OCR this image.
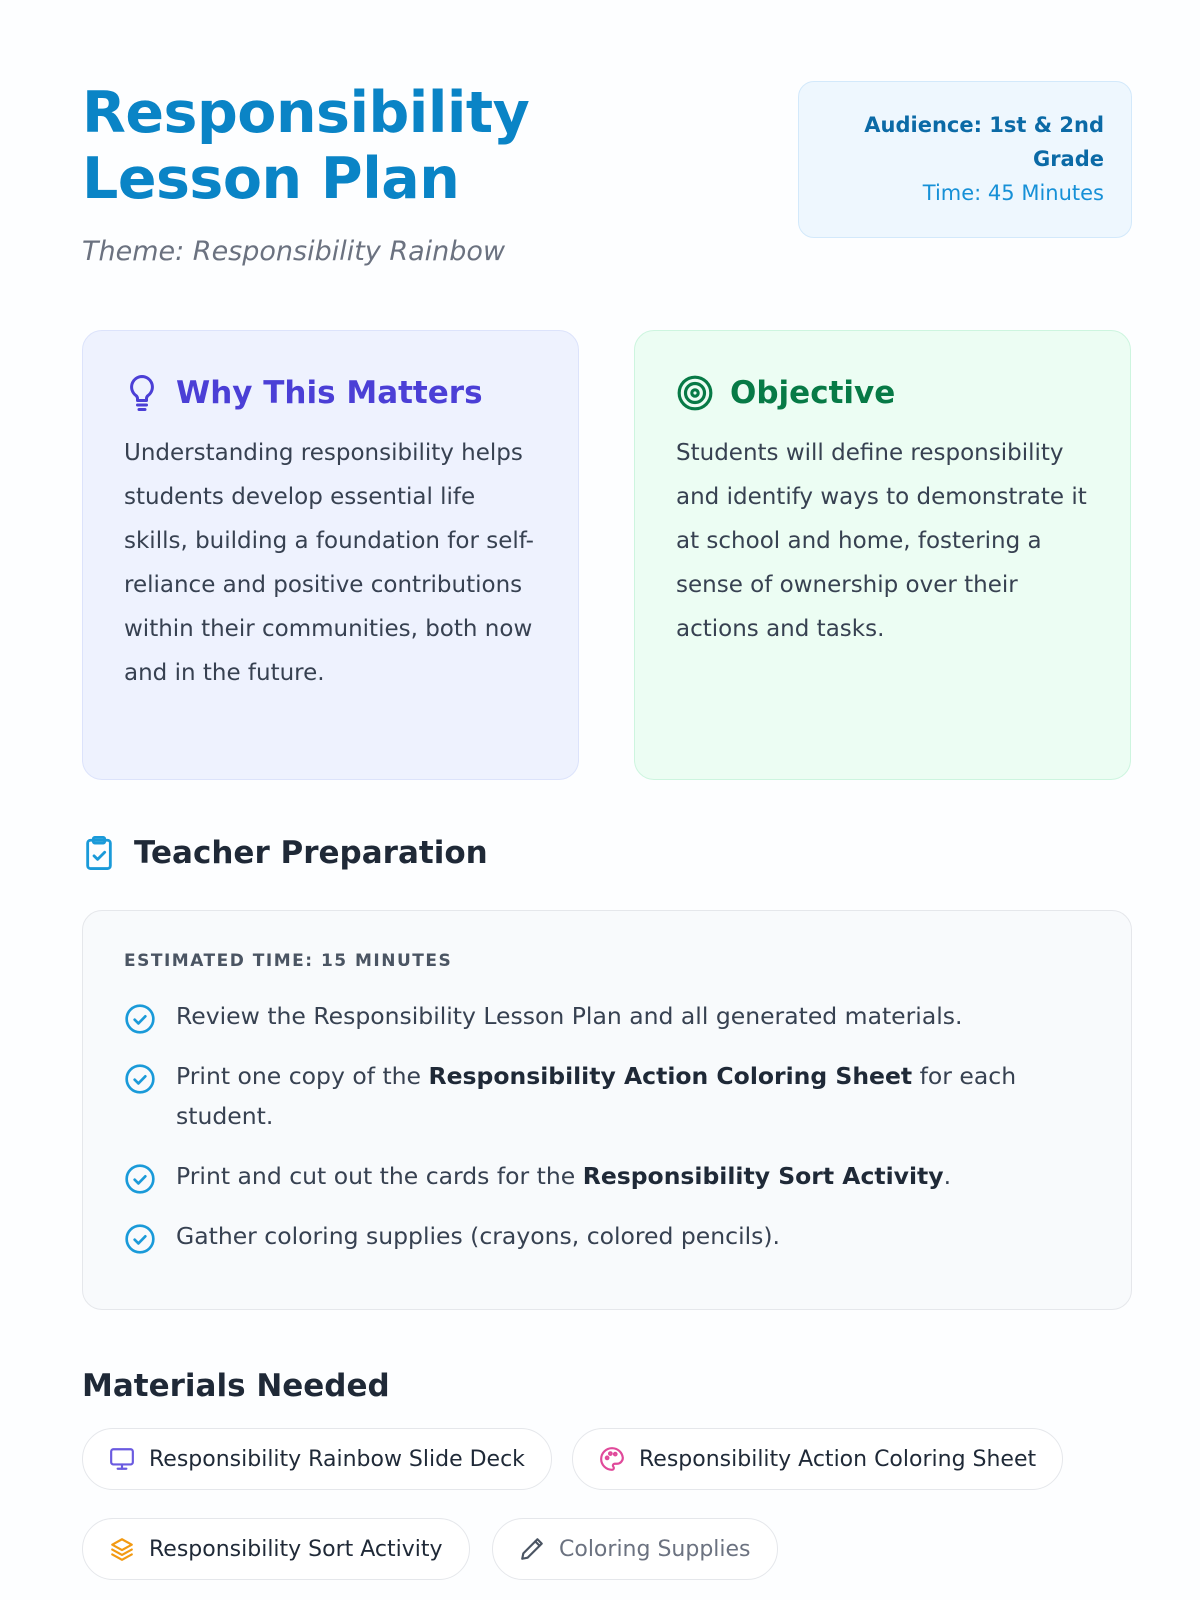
Responsibility Lesson Plan
Theme: Responsibility Rainbow
Audience: 1st & 2nd Grade
Time: 45 Minutes
Why This Matters

Understanding responsibility helps students develop essential life skills, building a foundation for self-reliance and positive contributions within their communities, both now and in the future.

Objective

Students will define responsibility and identify ways to demonstrate it at school and home, fostering a sense of ownership over their actions and tasks.

Teacher Preparation
ESTIMATED TIME: 15 MINUTES
Review the Responsibility Lesson Plan and all generated materials.
Print one copy of the Responsibility Action Coloring Sheet for each student.
Print and cut out the cards for the Responsibility Sort Activity.
Gather coloring supplies (crayons, colored pencils).
Materials Needed
Responsibility Rainbow Slide Deck	Responsibility Action Coloring Sheet
Responsibility Sort Activity	Coloring Supplies
